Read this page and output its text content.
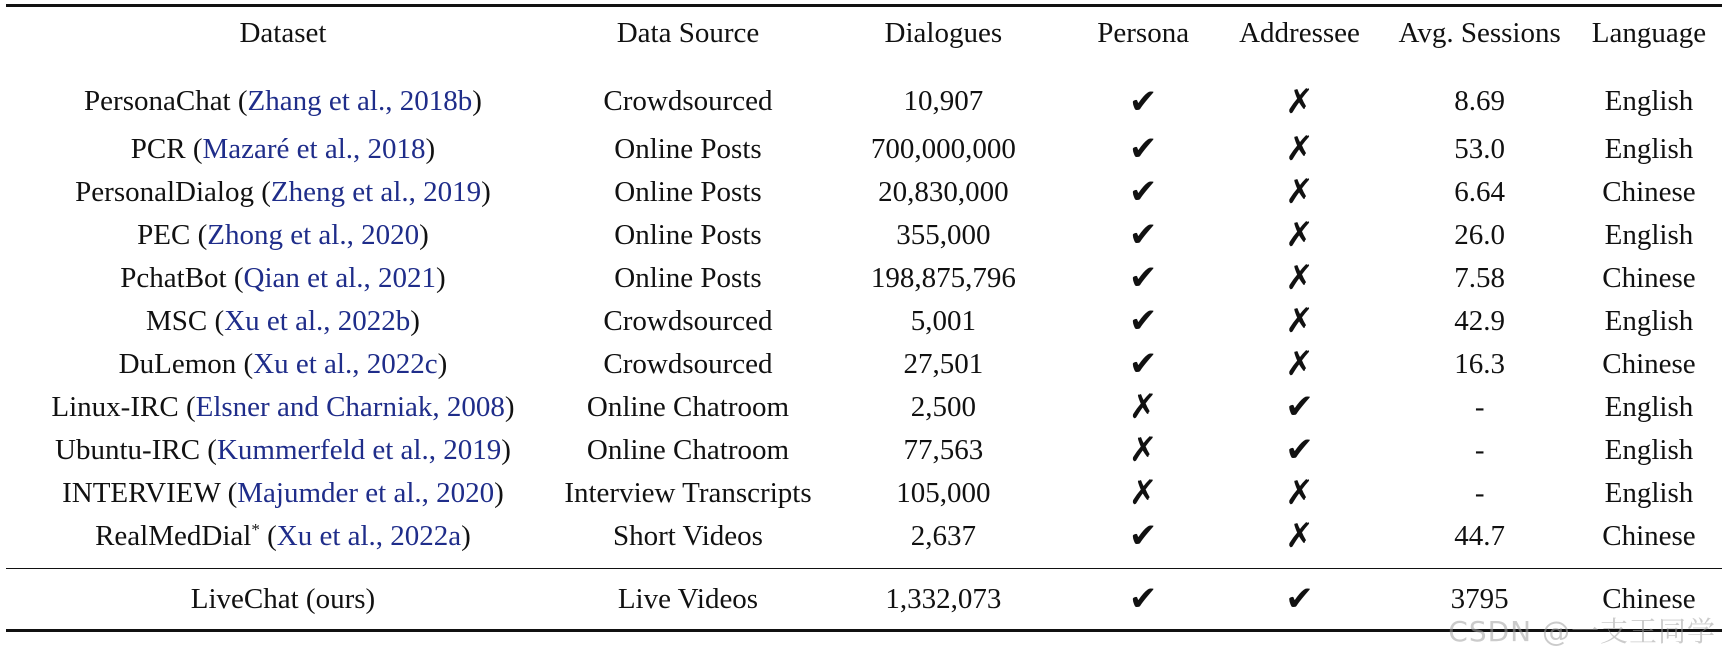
Dataset	Data Source	Dialogues	Persona	Addressee	Avg. Sessions	Language
PersonaChat (Zhang et al., 2018b)	Crowdsourced	10,907	✔	✗	8.69	English
PCR (Mazaré et al., 2018)	Online Posts	700,000,000	✔	✗	53.0	English
PersonalDialog (Zheng et al., 2019)	Online Posts	20,830,000	✔	✗	6.64	Chinese
PEC (Zhong et al., 2020)	Online Posts	355,000	✔	✗	26.0	English
PchatBot (Qian et al., 2021)	Online Posts	198,875,796	✔	✗	7.58	Chinese
MSC (Xu et al., 2022b)	Crowdsourced	5,001	✔	✗	42.9	English
DuLemon (Xu et al., 2022c)	Crowdsourced	27,501	✔	✗	16.3	Chinese
Linux-IRC (Elsner and Charniak, 2008)	Online Chatroom	2,500	✗	✔	-	English
Ubuntu-IRC (Kummerfeld et al., 2019)	Online Chatroom	77,563	✗	✔	-	English
INTERVIEW (Majumder et al., 2020)	Interview Transcripts	105,000	✗	✗	-	English
RealMedDial* (Xu et al., 2022a)	Short Videos	2,637	✔	✗	44.7	Chinese
LiveChat (ours)	Live Videos	1,332,073	✔	✔	3795	Chinese
CSDN @一支王同学
